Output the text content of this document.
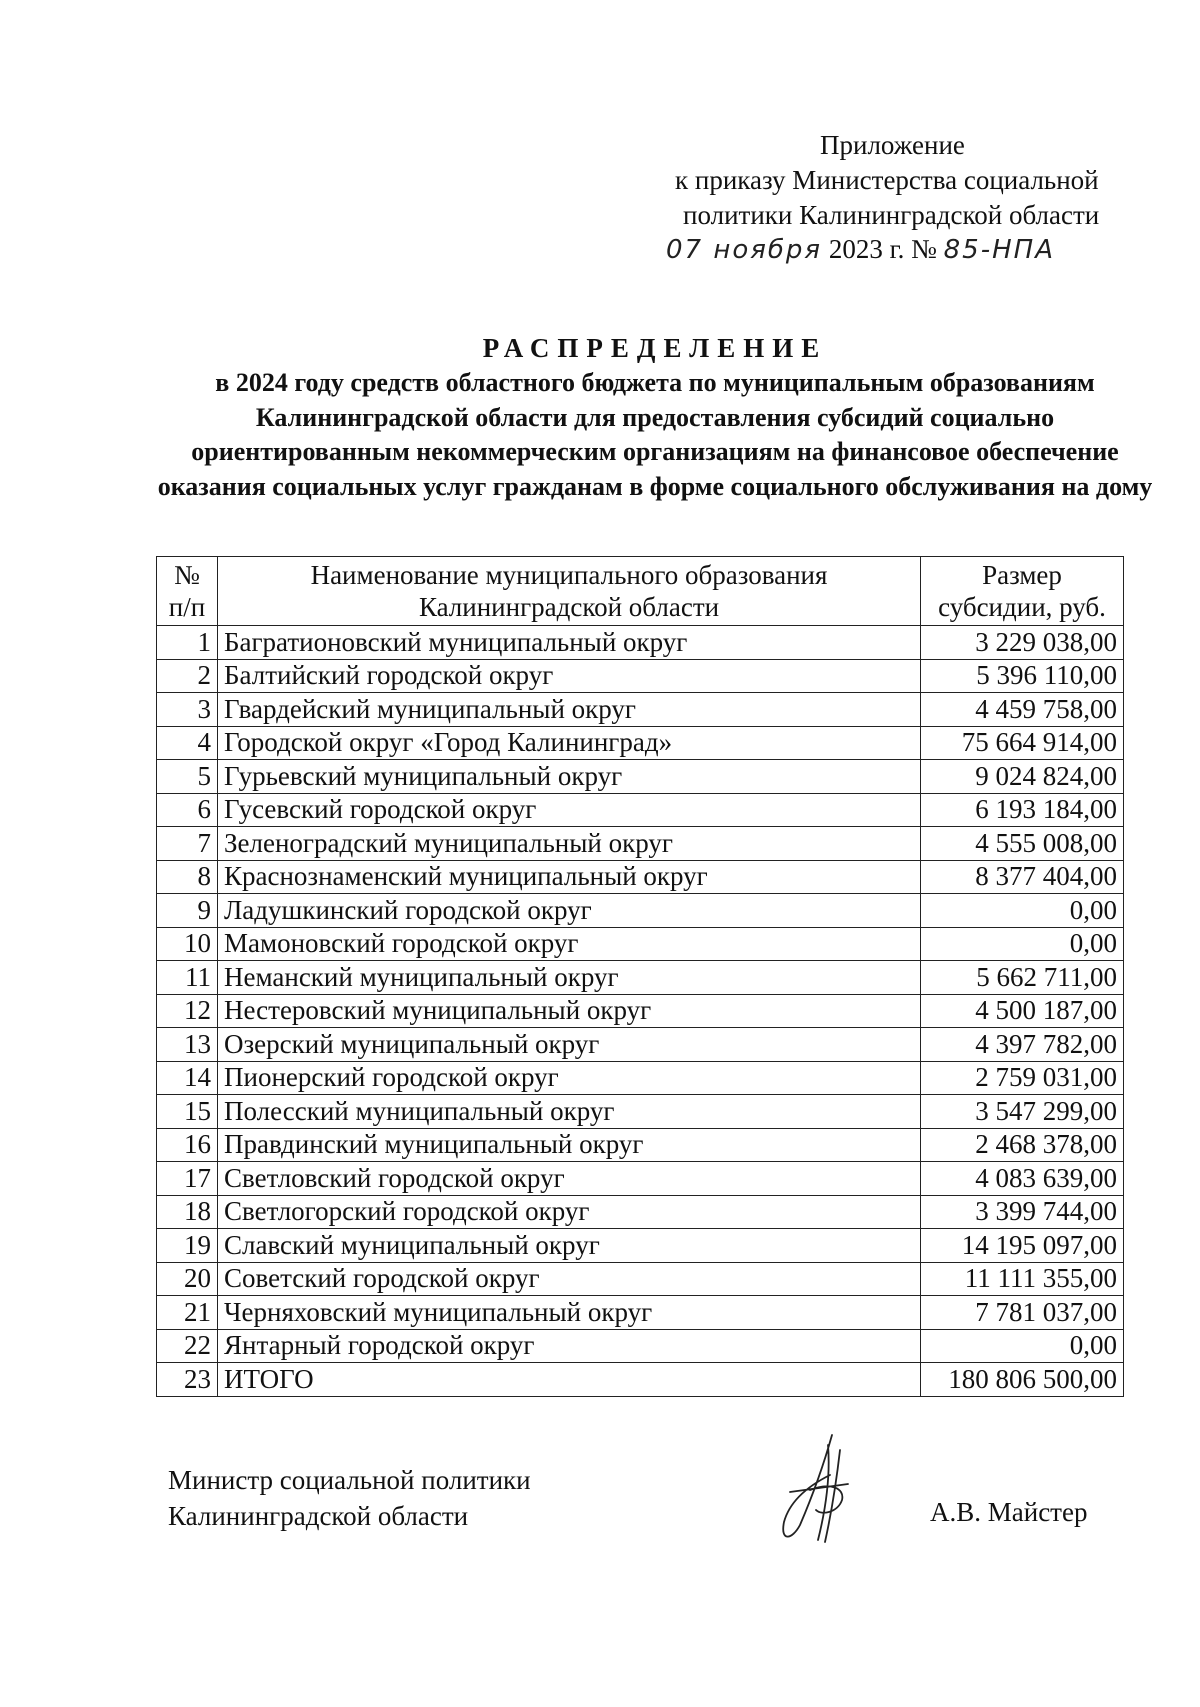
Приложение
к приказу Министерства социальной
политики Калининградской области
07 ноября 2023 г. № 85-НПА
РАСПРЕДЕЛЕНИЕ
в 2024 году средств областного бюджета по муниципальным образованиям Калининградской области для предоставления субсидий социально ориентированным некоммерческим организациям на финансовое обеспечение оказания социальных услуг гражданам в форме социального обслуживания на дому
№ п/п	Наименование муниципального образования Калининградской области	Размер субсидии, руб.
1	Багратионовский муниципальный округ	3 229 038,00
2	Балтийский городской округ	5 396 110,00
3	Гвардейский муниципальный округ	4 459 758,00
4	Городской округ «Город Калининград»	75 664 914,00
5	Гурьевский муниципальный округ	9 024 824,00
6	Гусевский городской округ	6 193 184,00
7	Зеленоградский муниципальный округ	4 555 008,00
8	Краснознаменский муниципальный округ	8 377 404,00
9	Ладушкинский городской округ	0,00
10	Мамоновский городской округ	0,00
11	Неманский муниципальный округ	5 662 711,00
12	Нестеровский муниципальный округ	4 500 187,00
13	Озерский муниципальный округ	4 397 782,00
14	Пионерский городской округ	2 759 031,00
15	Полесский муниципальный округ	3 547 299,00
16	Правдинский муниципальный округ	2 468 378,00
17	Светловский городской округ	4 083 639,00
18	Светлогорский городской округ	3 399 744,00
19	Славский муниципальный округ	14 195 097,00
20	Советский городской округ	11 111 355,00
21	Черняховский муниципальный округ	7 781 037,00
22	Янтарный городской округ	0,00
23	ИТОГО	180 806 500,00
Министр социальной политики
Калининградской области	А.В. Майстер
